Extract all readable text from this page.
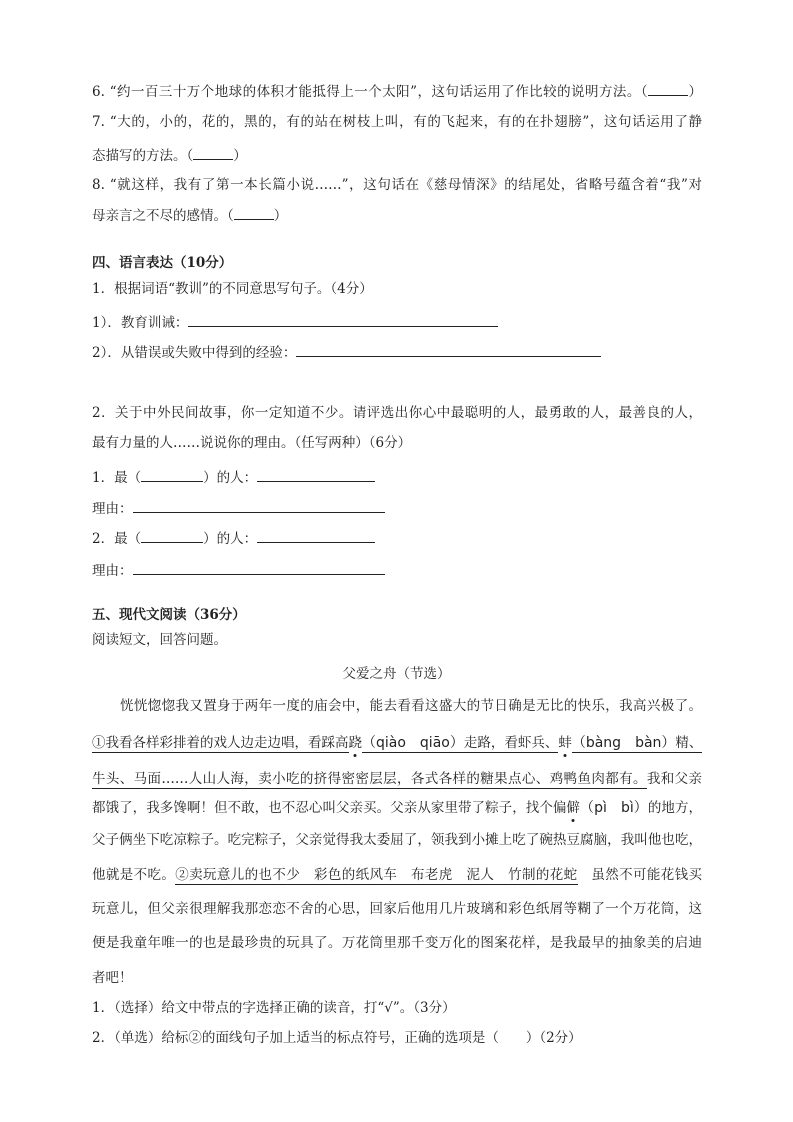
6. “约一百三十万个地球的体积才能抵得上一个太阳”，这句话运用了作比较的说明方法。（	）
7. “大的，小的，花的，黑的，有的站在树枝上叫，有的飞起来，有的在扑翅膀”，这句话运用了静
态描写的方法。（	）
8. “就这样，我有了第一本长篇小说……”，这句话在《慈母情深》的结尾处，省略号蕴含着“我”对
母亲言之不尽的感情。（	）
四、语言表达（10分）
1．根据词语“教训”的不同意思写句子。（4分）
1）．教育训诫：
2）．从错误或失败中得到的经验：
2．关于中外民间故事，你一定知道不少。请评选出你心中最聪明的人，最勇敢的人，最善良的人，
最有力量的人……说说你的理由。（任写两种）（6分）
1．最（	）的人：
理由：
2．最（	）的人：
理由：
五、现代文阅读（36分）
阅读短文，回答问题。
父爱之舟（节选）
恍恍惚惚我又置身于两年一度的庙会中，能去看看这盛大的节日确是无比的快乐，我高兴极了。
①我看各样彩排着的戏人边走边唱，看踩高跷（qiào　qiāo）走路，看虾兵、蚌（bàng　bàn）精、
牛头、马面……人山人海，卖小吃的挤得密密层层，各式各样的糖果点心、鸡鸭鱼肉都有。我和父亲
都饿了，我多馋啊！但不敢，也不忍心叫父亲买。父亲从家里带了粽子，找个偏僻（pì　bì）的地方，
父子俩坐下吃凉粽子。吃完粽子，父亲觉得我太委屈了，领我到小摊上吃了碗热豆腐脑，我叫他也吃，
他就是不吃。②卖玩意儿的也不少　彩色的纸风车　布老虎　泥人　竹制的花蛇　虽然不可能花钱买
玩意儿，但父亲很理解我那恋恋不舍的心思，回家后他用几片玻璃和彩色纸屑等糊了一个万花筒，这
便是我童年唯一的也是最珍贵的玩具了。万花筒里那千变万化的图案花样，是我最早的抽象美的启迪
者吧！
1．（选择）给文中带点的字选择正确的读音，打“√”。（3分）
2．（单选）给标②的面线句子加上适当的标点符号，正确的选项是（　　）（2分）
